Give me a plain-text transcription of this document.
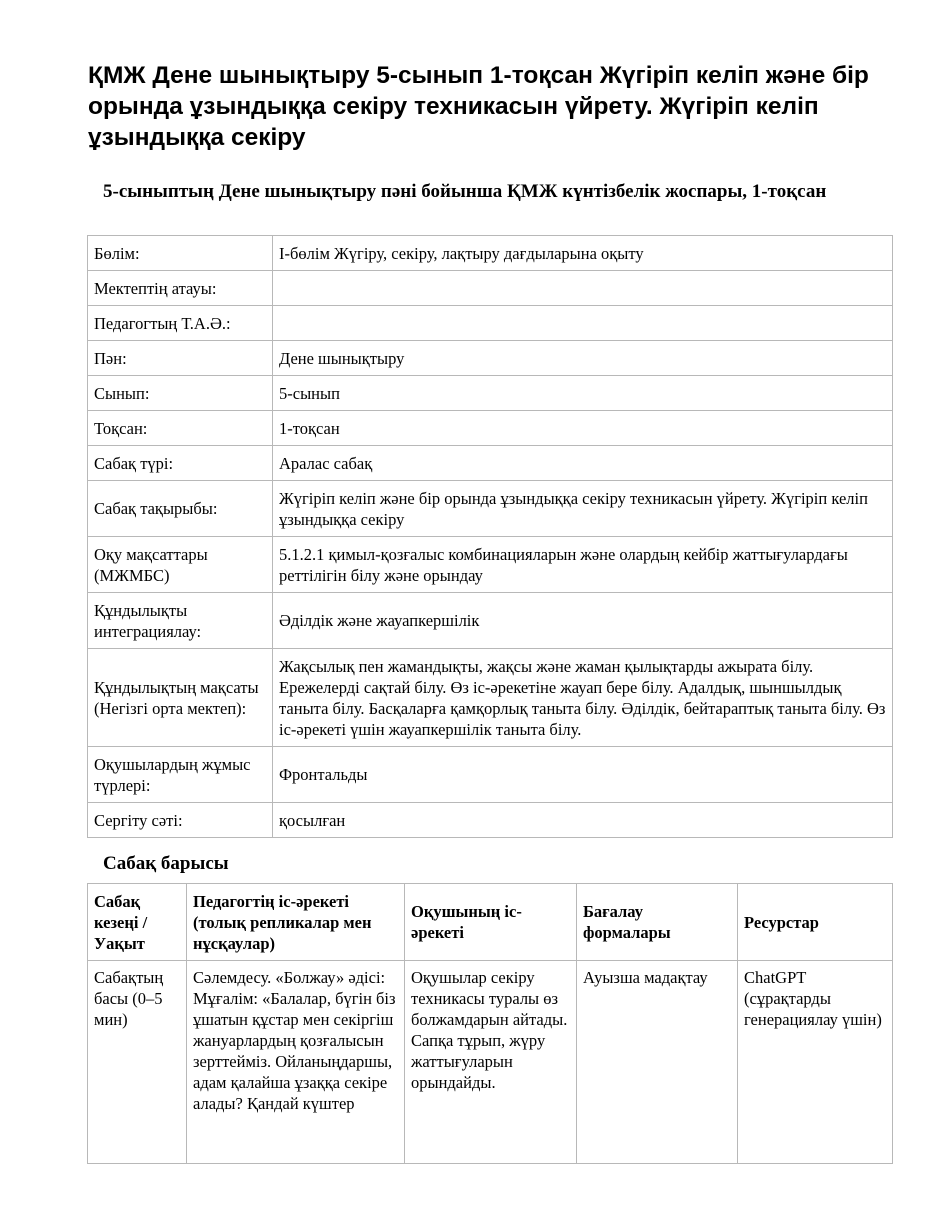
ҚМЖ Дене шынықтыру 5-сынып 1-тоқсан Жүгіріп келіп және бір орында ұзындыққа секіру техникасын үйрету. Жүгіріп келіп ұзындыққа секіру
5-сыныптың Дене шынықтыру пәні бойынша ҚМЖ күнтізбелік жоспары, 1-тоқсан
Бөлім:	I-бөлім Жүгіру, секіру, лақтыру дағдыларына оқыту
Мектептің атауы:	
Педагогтың Т.А.Ә.:	
Пән:	Дене шынықтыру
Сынып:	5-сынып
Тоқсан:	1-тоқсан
Сабақ түрі:	Аралас сабақ
Сабақ тақырыбы:	Жүгіріп келіп және бір орында ұзындыққа секіру техникасын үйрету. Жүгіріп келіп ұзындыққа секіру
Оқу мақсаттары (МЖМБС)	5.1.2.1 қимыл-қозғалыс комбинацияларын және олардың кейбір жаттығулардағы реттілігін білу және орындау
Құндылықты интеграциялау:	Әділдік және жауапкершілік
Құндылықтың мақсаты (Негізгі орта мектеп):	Жақсылық пен жамандықты, жақсы және жаман қылықтарды ажырата білу. Ережелерді сақтай білу. Өз іс-әрекетіне жауап бере білу. Адалдық, шыншылдық таныта білу. Басқаларға қамқорлық таныта білу. Әділдік, бейтараптық таныта білу. Өз іс-әрекеті үшін жауапкершілік таныта білу.
Оқушылардың жұмыс түрлері:	Фронтальды
Сергіту сәті:	қосылған
Сабақ барысы
Сабақ кезеңі / Уақыт	Педагогтің іс-әрекеті (толық репликалар мен нұсқаулар)	Оқушының іс-әрекеті	Бағалау формалары	Ресурстар
Сабақтың басы (0–5 мин)	Сәлемдесу. «Болжау» әдісі: Мұғалім: «Балалар, бүгін біз ұшатын құстар мен секіргіш жануарлардың қозғалысын зерттейміз. Ойланыңдаршы, адам қалайша ұзаққа секіре алады? Қандай күштер	Оқушылар секіру техникасы туралы өз болжамдарын айтады. Сапқа тұрып, жүру жаттығуларын орындайды.	Ауызша мадақтау	ChatGPT (сұрақтарды генерациялау үшін)
